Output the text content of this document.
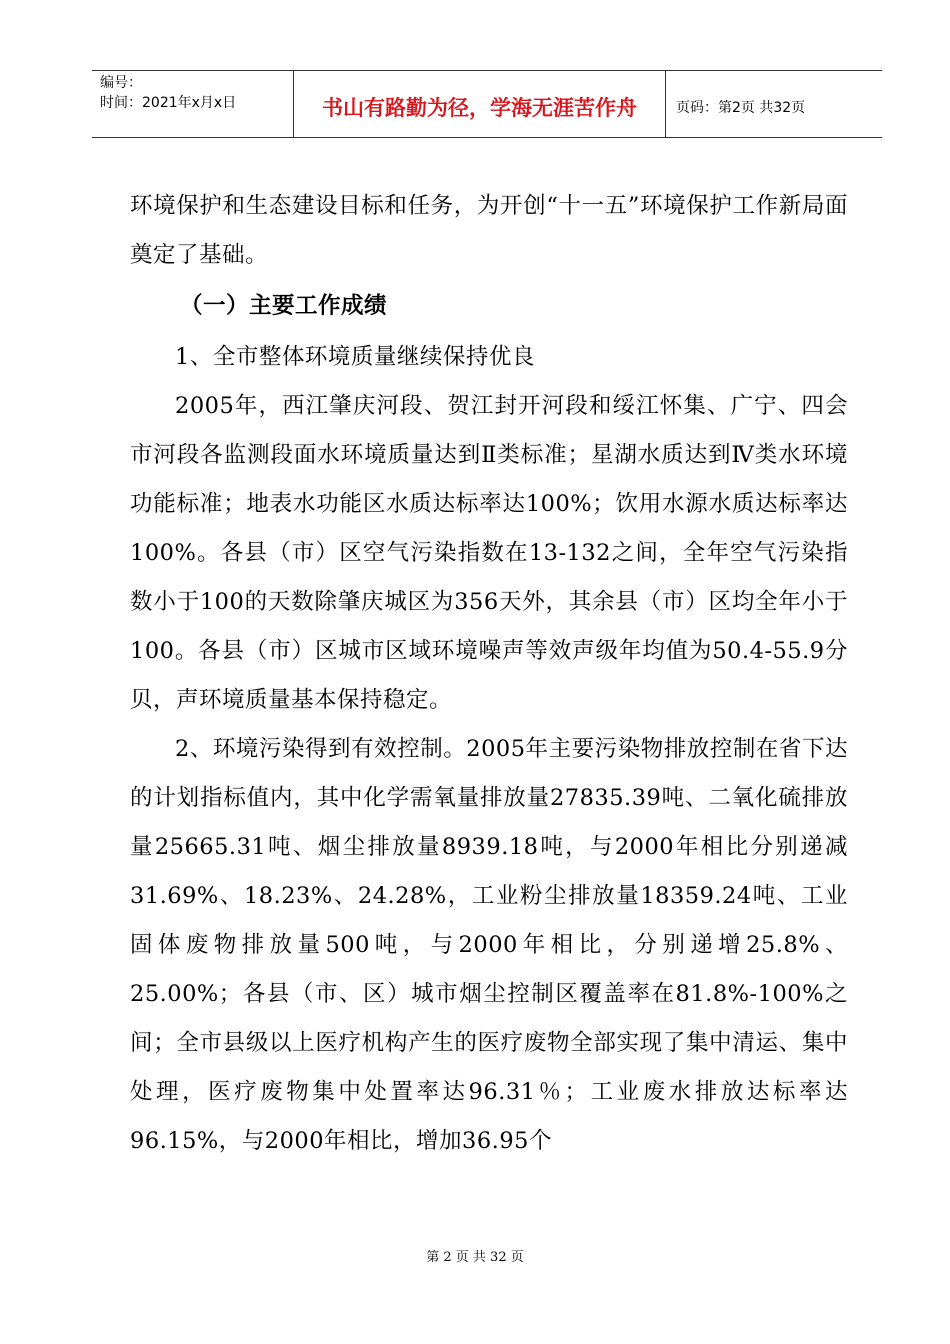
编号：
时间：2021年x月x日	书山有路勤为径，学海无涯苦作舟	页码：第2页 共32页

环境保护和生态建设目标和任务，为开创“十一五”环境保护工作新局面奠定了基础。

（一）主要工作成绩

1、全市整体环境质量继续保持优良

2005年，西江肇庆河段、贺江封开河段和绥江怀集、广宁、四会市河段各监测段面水环境质量达到Ⅱ类标准；星湖水质达到Ⅳ类水环境功能标准；地表水功能区水质达标率达100%；饮用水源水质达标率达100%。各县（市）区空气污染指数在13-132之间，全年空气污染指数小于100的天数除肇庆城区为356天外，其余县（市）区均全年小于100。各县（市）区城市区域环境噪声等效声级年均值为50.4-55.9分贝，声环境质量基本保持稳定。

2、环境污染得到有效控制。2005年主要污染物排放控制在省下达的计划指标值内，其中化学需氧量排放量27835.39吨、二氧化硫排放量25665.31吨、烟尘排放量8939.18吨，与2000年相比分别递减31.69%、18.23%、24.28%，工业粉尘排放量18359.24吨、工业固体废物排放量500吨，与2000年相比，分别递增25.8%、25.00%；各县（市、区）城市烟尘控制区覆盖率在81.8%-100%之间；全市县级以上医疗机构产生的医疗废物全部实现了集中清运、集中处理，医疗废物集中处置率达96.31％；工业废水排放达标率达96.15%，与2000年相比，增加36.95个

第 2 页 共 32 页
